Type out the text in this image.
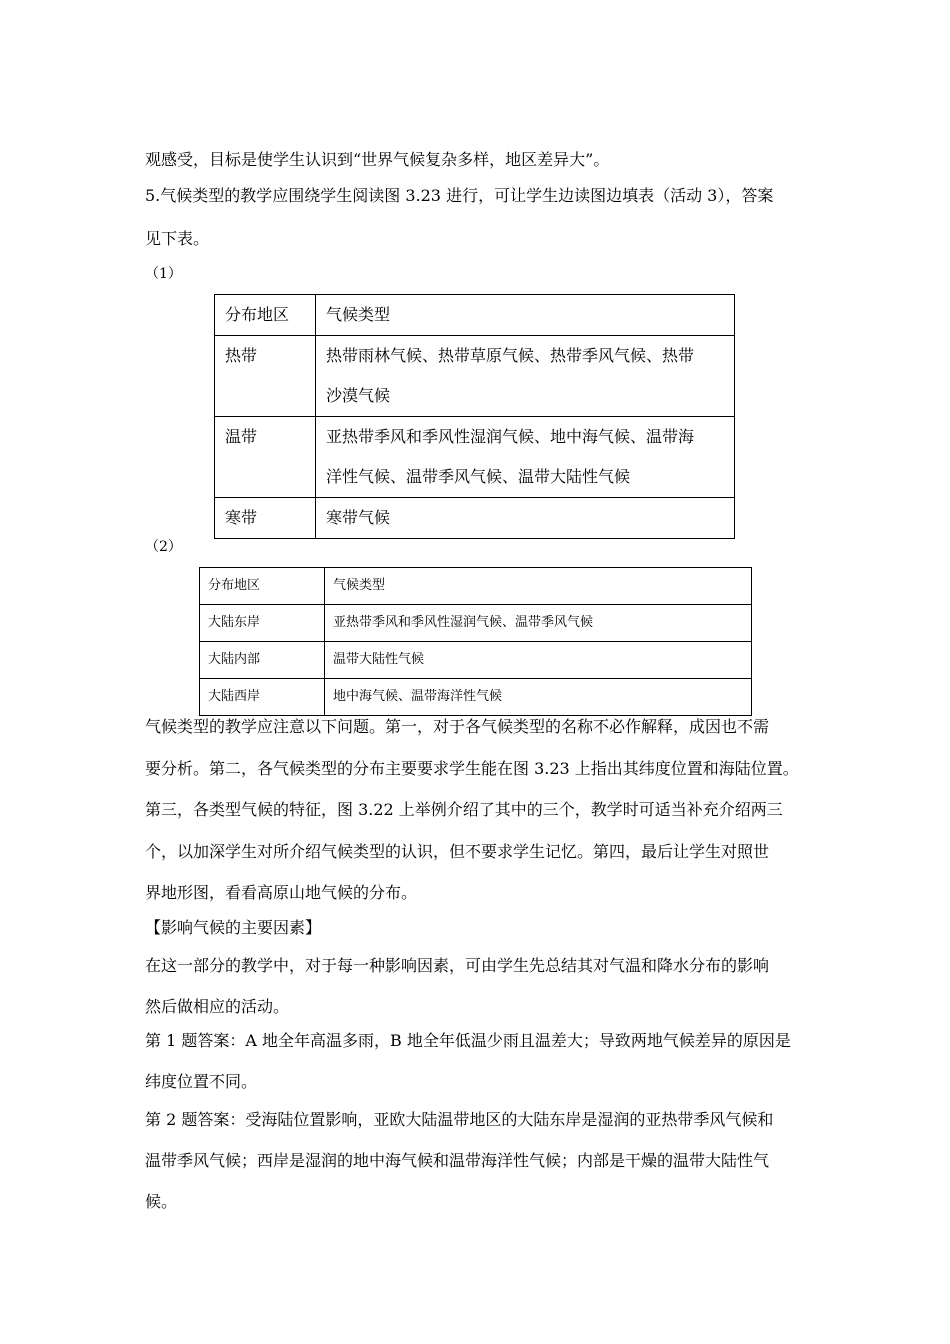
观感受，目标是使学生认识到“世界气候复杂多样，地区差异大”。
5.气候类型的教学应围绕学生阅读图 3.23 进行，可让学生边读图边填表（活动 3），答案
见下表。
（1）
分布地区	气候类型
热带	热带雨林气候、热带草原气候、热带季风气候、热带
沙漠气候

温带	亚热带季风和季风性湿润气候、地中海气候、温带海
洋性气候、温带季风气候、温带大陆性气候

寒带	寒带气候
（2）
分布地区	气候类型
大陆东岸	亚热带季风和季风性湿润气候、温带季风气候
大陆内部	温带大陆性气候
大陆西岸	地中海气候、温带海洋性气候
气候类型的教学应注意以下问题。第一，对于各气候类型的名称不必作解释，成因也不需
要分析。第二，各气候类型的分布主要要求学生能在图 3.23 上指出其纬度位置和海陆位置。
第三，各类型气候的特征，图 3.22 上举例介绍了其中的三个，教学时可适当补充介绍两三
个，以加深学生对所介绍气候类型的认识，但不要求学生记忆。第四，最后让学生对照世
界地形图，看看高原山地气候的分布。
【影响气候的主要因素】
在这一部分的教学中，对于每一种影响因素，可由学生先总结其对气温和降水分布的影响
然后做相应的活动。
第 1 题答案：A 地全年高温多雨，B 地全年低温少雨且温差大；导致两地气候差异的原因是
纬度位置不同。
第 2 题答案：受海陆位置影响，亚欧大陆温带地区的大陆东岸是湿润的亚热带季风气候和
温带季风气候；西岸是湿润的地中海气候和温带海洋性气候；内部是干燥的温带大陆性气
候。
